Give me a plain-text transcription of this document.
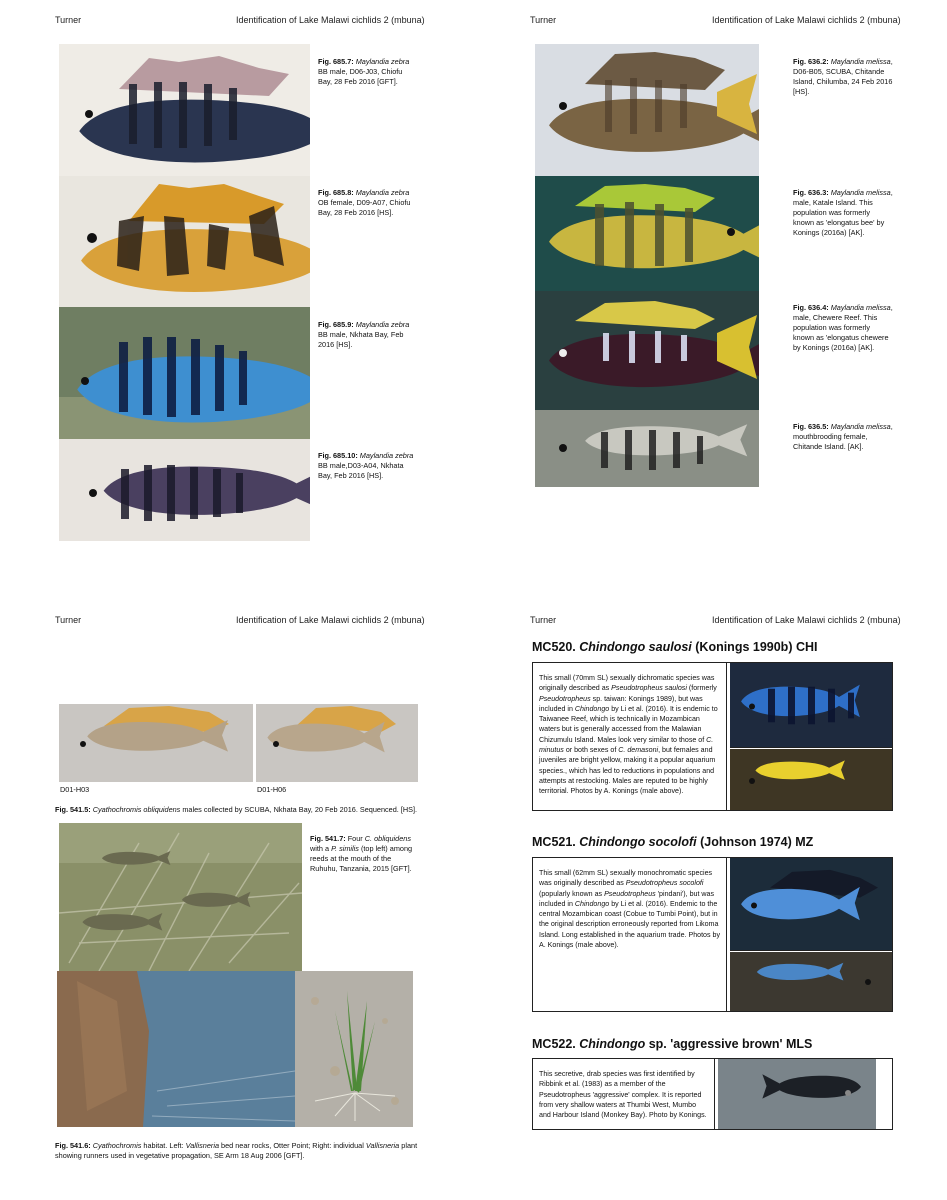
Turner	Identification of Lake Malawi cichlids 2 (mbuna)
Fig. 685.7: Maylandia zebra BB male, D06-J03, Chiofu Bay, 28 Feb 2016 [GFT].
Fig. 685.8: Maylandia zebra OB female, D09-A07, Chiofu Bay, 28 Feb 2016 [HS].
Fig. 685.9: Maylandia zebra BB male, Nkhata Bay, Feb 2016 [HS].
Fig. 685.10: Maylandia zebra BB male,D03-A04, Nkhata Bay, Feb 2016 [HS].
Turner	Identification of Lake Malawi cichlids 2 (mbuna)
Fig. 636.2: Maylandia melissa, D06-B05, SCUBA, Chitande Island, Chilumba, 24 Feb 2016 [HS].
Fig. 636.3: Maylandia melissa, male, Katale Island. This population was formerly known as 'elongatus bee' by Konings (2016a) [AK].
Fig. 636.4: Maylandia melissa, male, Chewere Reef. This population was formerly known as 'elongatus chewere by Konings (2016a) [AK].
Fig. 636.5: Maylandia melissa, mouthbrooding female, Chitande Island. [AK].
Turner	Identification of Lake Malawi cichlids 2 (mbuna)
D01-H03	D01-H06
Fig. 541.5: Cyathochromis obliquidens males collected by SCUBA, Nkhata Bay, 20 Feb 2016. Sequenced. [HS].
Fig. 541.7: Four C. obliquidens with a P. similis (top left) among reeds at the mouth of the Ruhuhu, Tanzania, 2015 [GFT].
Fig. 541.6: Cyathochromis habitat. Left: Vallisneria bed near rocks, Otter Point; Right: individual Vallisneria plant showing runners used in vegetative propagation, SE Arm 18 Aug 2006 [GFT].
Turner	Identification of Lake Malawi cichlids 2 (mbuna)
MC520. Chindongo saulosi (Konings 1990b) CHI
This small (70mm SL) sexually dichromatic species was originally described as Pseudotropheus saulosi (formerly Pseudotropheus sp. taiwan: Konings 1989), but was included in Chindongo by Li et al. (2016). It is endemic to Taiwanee Reef, which is technically in Mozambican waters but is generally accessed from the Malawian Chizumulu Island. Males look very similar to those of C. minutus or both sexes of C. demasoni, but females and juveniles are bright yellow, making it a popular aquarium species., which has led to reductions in populations and attempts at restocking. Males are reputed to be highly territorial. Photos by A. Konings (male above).
MC521. Chindongo socolofi (Johnson 1974) MZ
This small (62mm SL) sexually monochromatic species was originally described as Pseudotropheus socolofi (popularly known as Pseudotropheus 'pindani'), but was included in Chindongo by Li et al. (2016). Endemic to the central Mozambican coast (Cobue to Tumbi Point), but in the original description erroneously reported from Likoma Island. Long established in the aquarium trade. Photos by A. Konings (male above).
MC522. Chindongo sp. 'aggressive brown' MLS
This secretive, drab species was first identified by Ribbink et al. (1983) as a member of the Pseudotropheus 'aggressive' complex. It is reported from very shallow waters at Thumbi West, Mumbo and Harbour Island (Monkey Bay). Photo by Konings.
